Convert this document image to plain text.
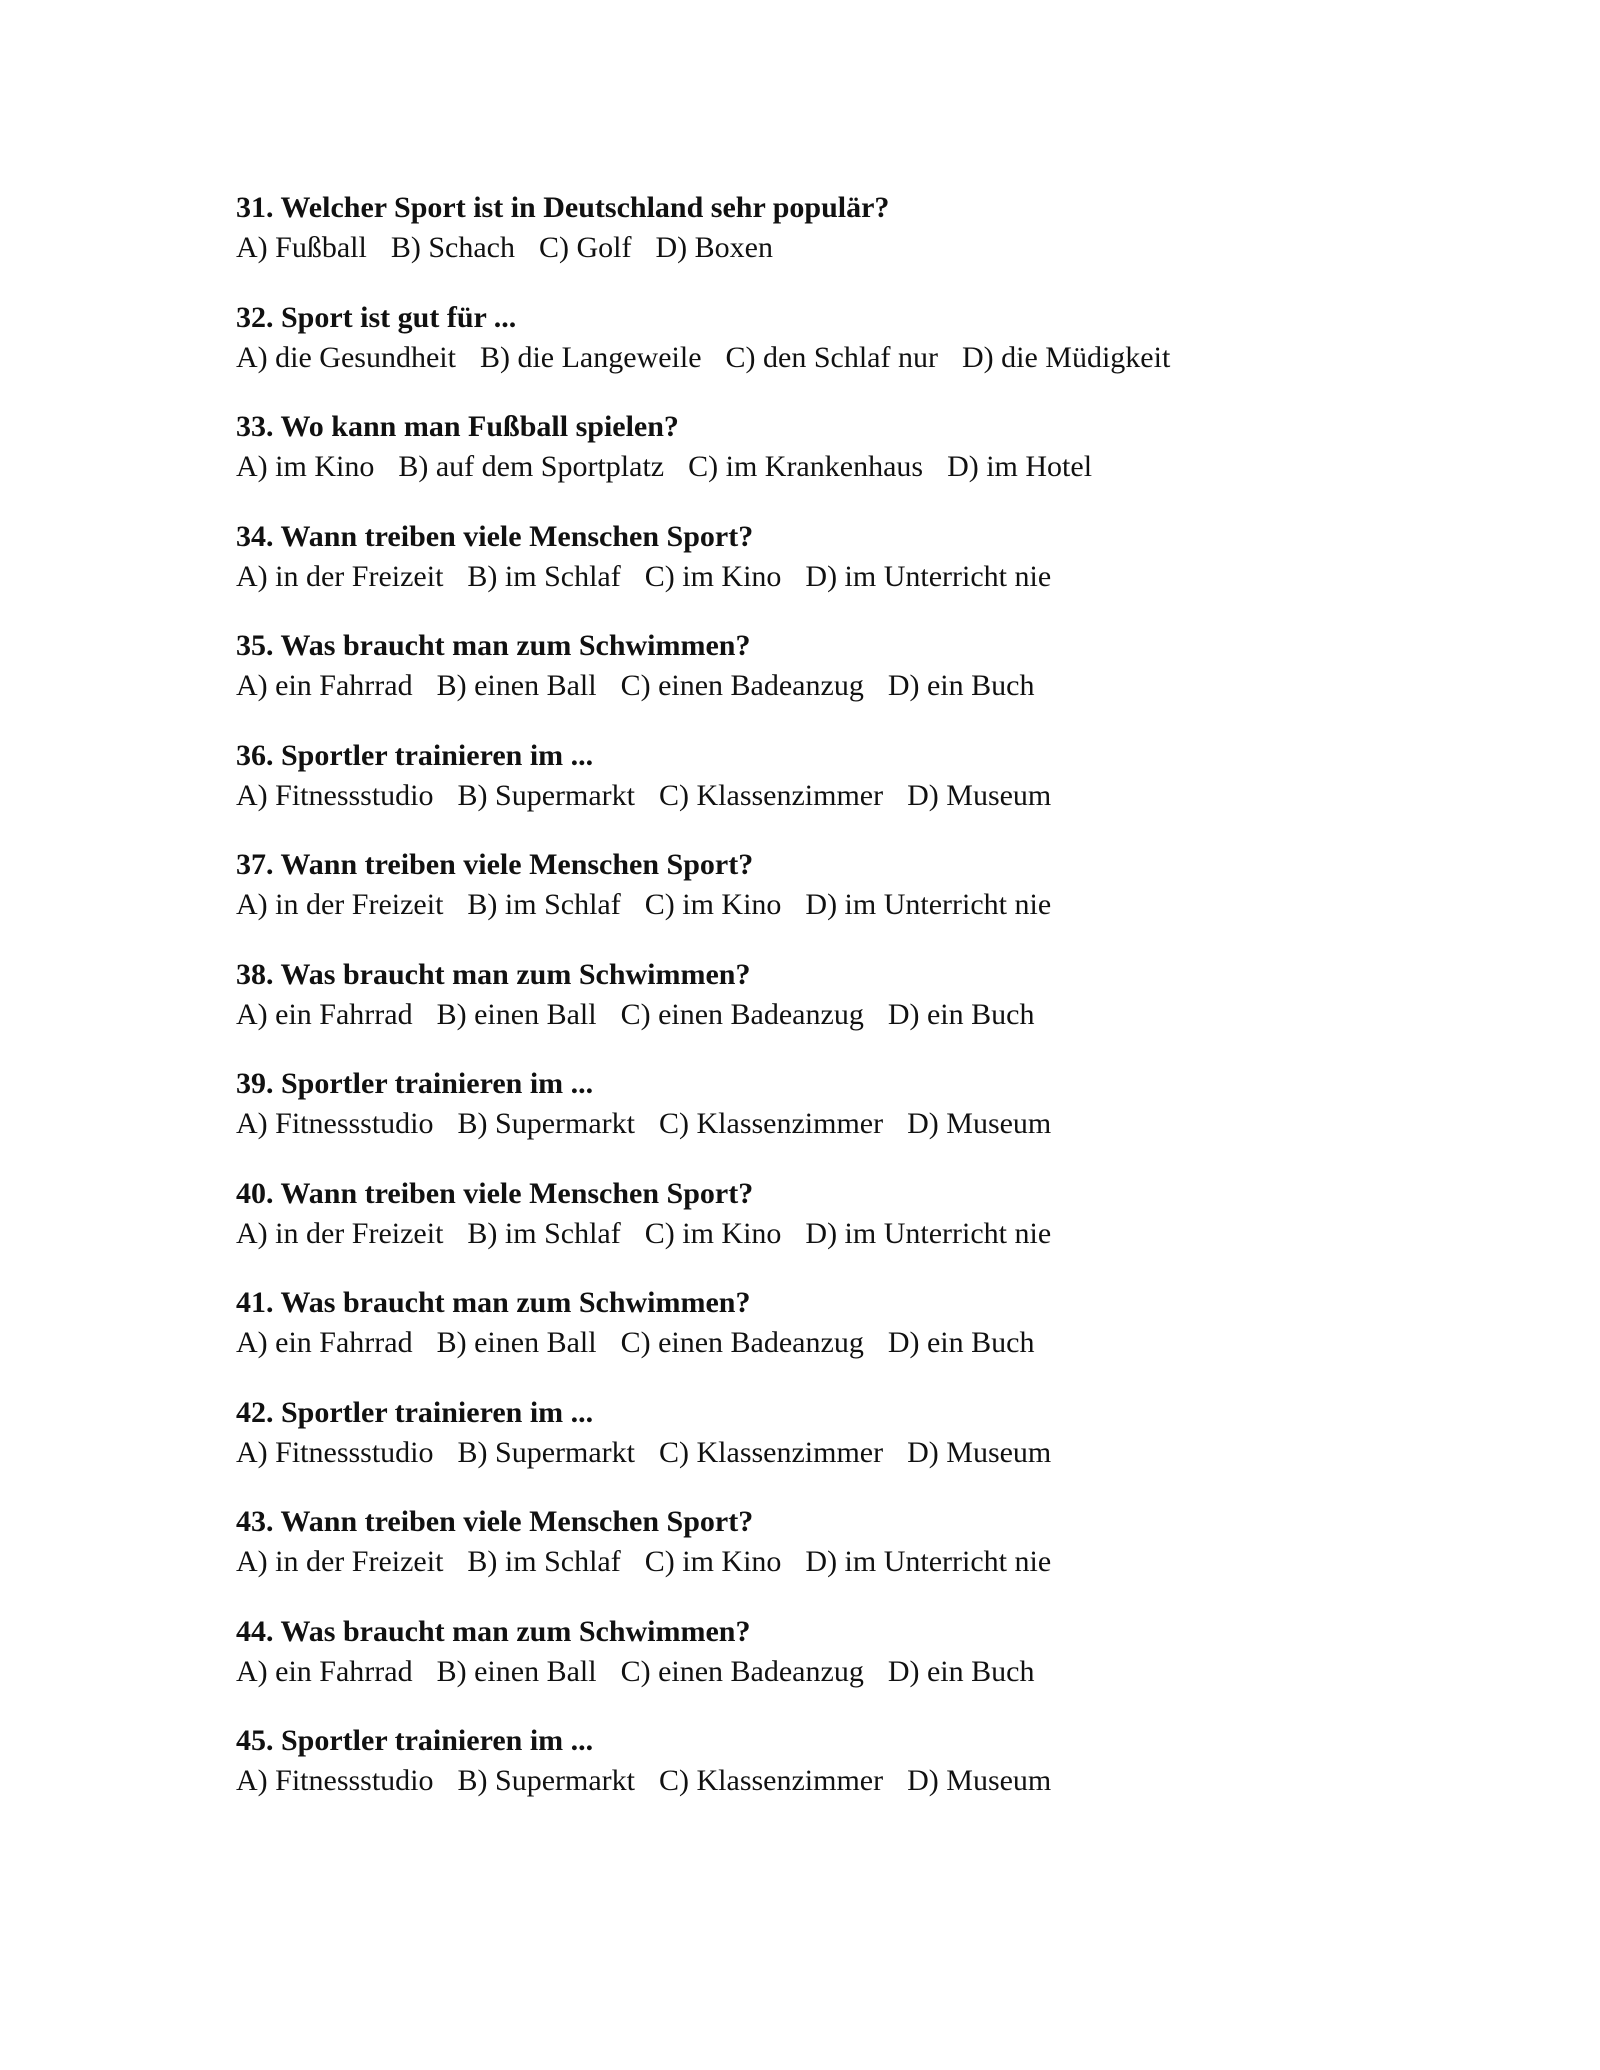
31. Welcher Sport ist in Deutschland sehr populär?
A) Fußball B) Schach C) Golf D) Boxen
32. Sport ist gut für ...
A) die Gesundheit B) die Langeweile C) den Schlaf nur D) die Müdigkeit
33. Wo kann man Fußball spielen?
A) im Kino B) auf dem Sportplatz C) im Krankenhaus D) im Hotel
34. Wann treiben viele Menschen Sport?
A) in der Freizeit B) im Schlaf C) im Kino D) im Unterricht nie
35. Was braucht man zum Schwimmen?
A) ein Fahrrad B) einen Ball C) einen Badeanzug D) ein Buch
36. Sportler trainieren im ...
A) Fitnessstudio B) Supermarkt C) Klassenzimmer D) Museum
37. Wann treiben viele Menschen Sport?
A) in der Freizeit B) im Schlaf C) im Kino D) im Unterricht nie
38. Was braucht man zum Schwimmen?
A) ein Fahrrad B) einen Ball C) einen Badeanzug D) ein Buch
39. Sportler trainieren im ...
A) Fitnessstudio B) Supermarkt C) Klassenzimmer D) Museum
40. Wann treiben viele Menschen Sport?
A) in der Freizeit B) im Schlaf C) im Kino D) im Unterricht nie
41. Was braucht man zum Schwimmen?
A) ein Fahrrad B) einen Ball C) einen Badeanzug D) ein Buch
42. Sportler trainieren im ...
A) Fitnessstudio B) Supermarkt C) Klassenzimmer D) Museum
43. Wann treiben viele Menschen Sport?
A) in der Freizeit B) im Schlaf C) im Kino D) im Unterricht nie
44. Was braucht man zum Schwimmen?
A) ein Fahrrad B) einen Ball C) einen Badeanzug D) ein Buch
45. Sportler trainieren im ...
A) Fitnessstudio B) Supermarkt C) Klassenzimmer D) Museum
